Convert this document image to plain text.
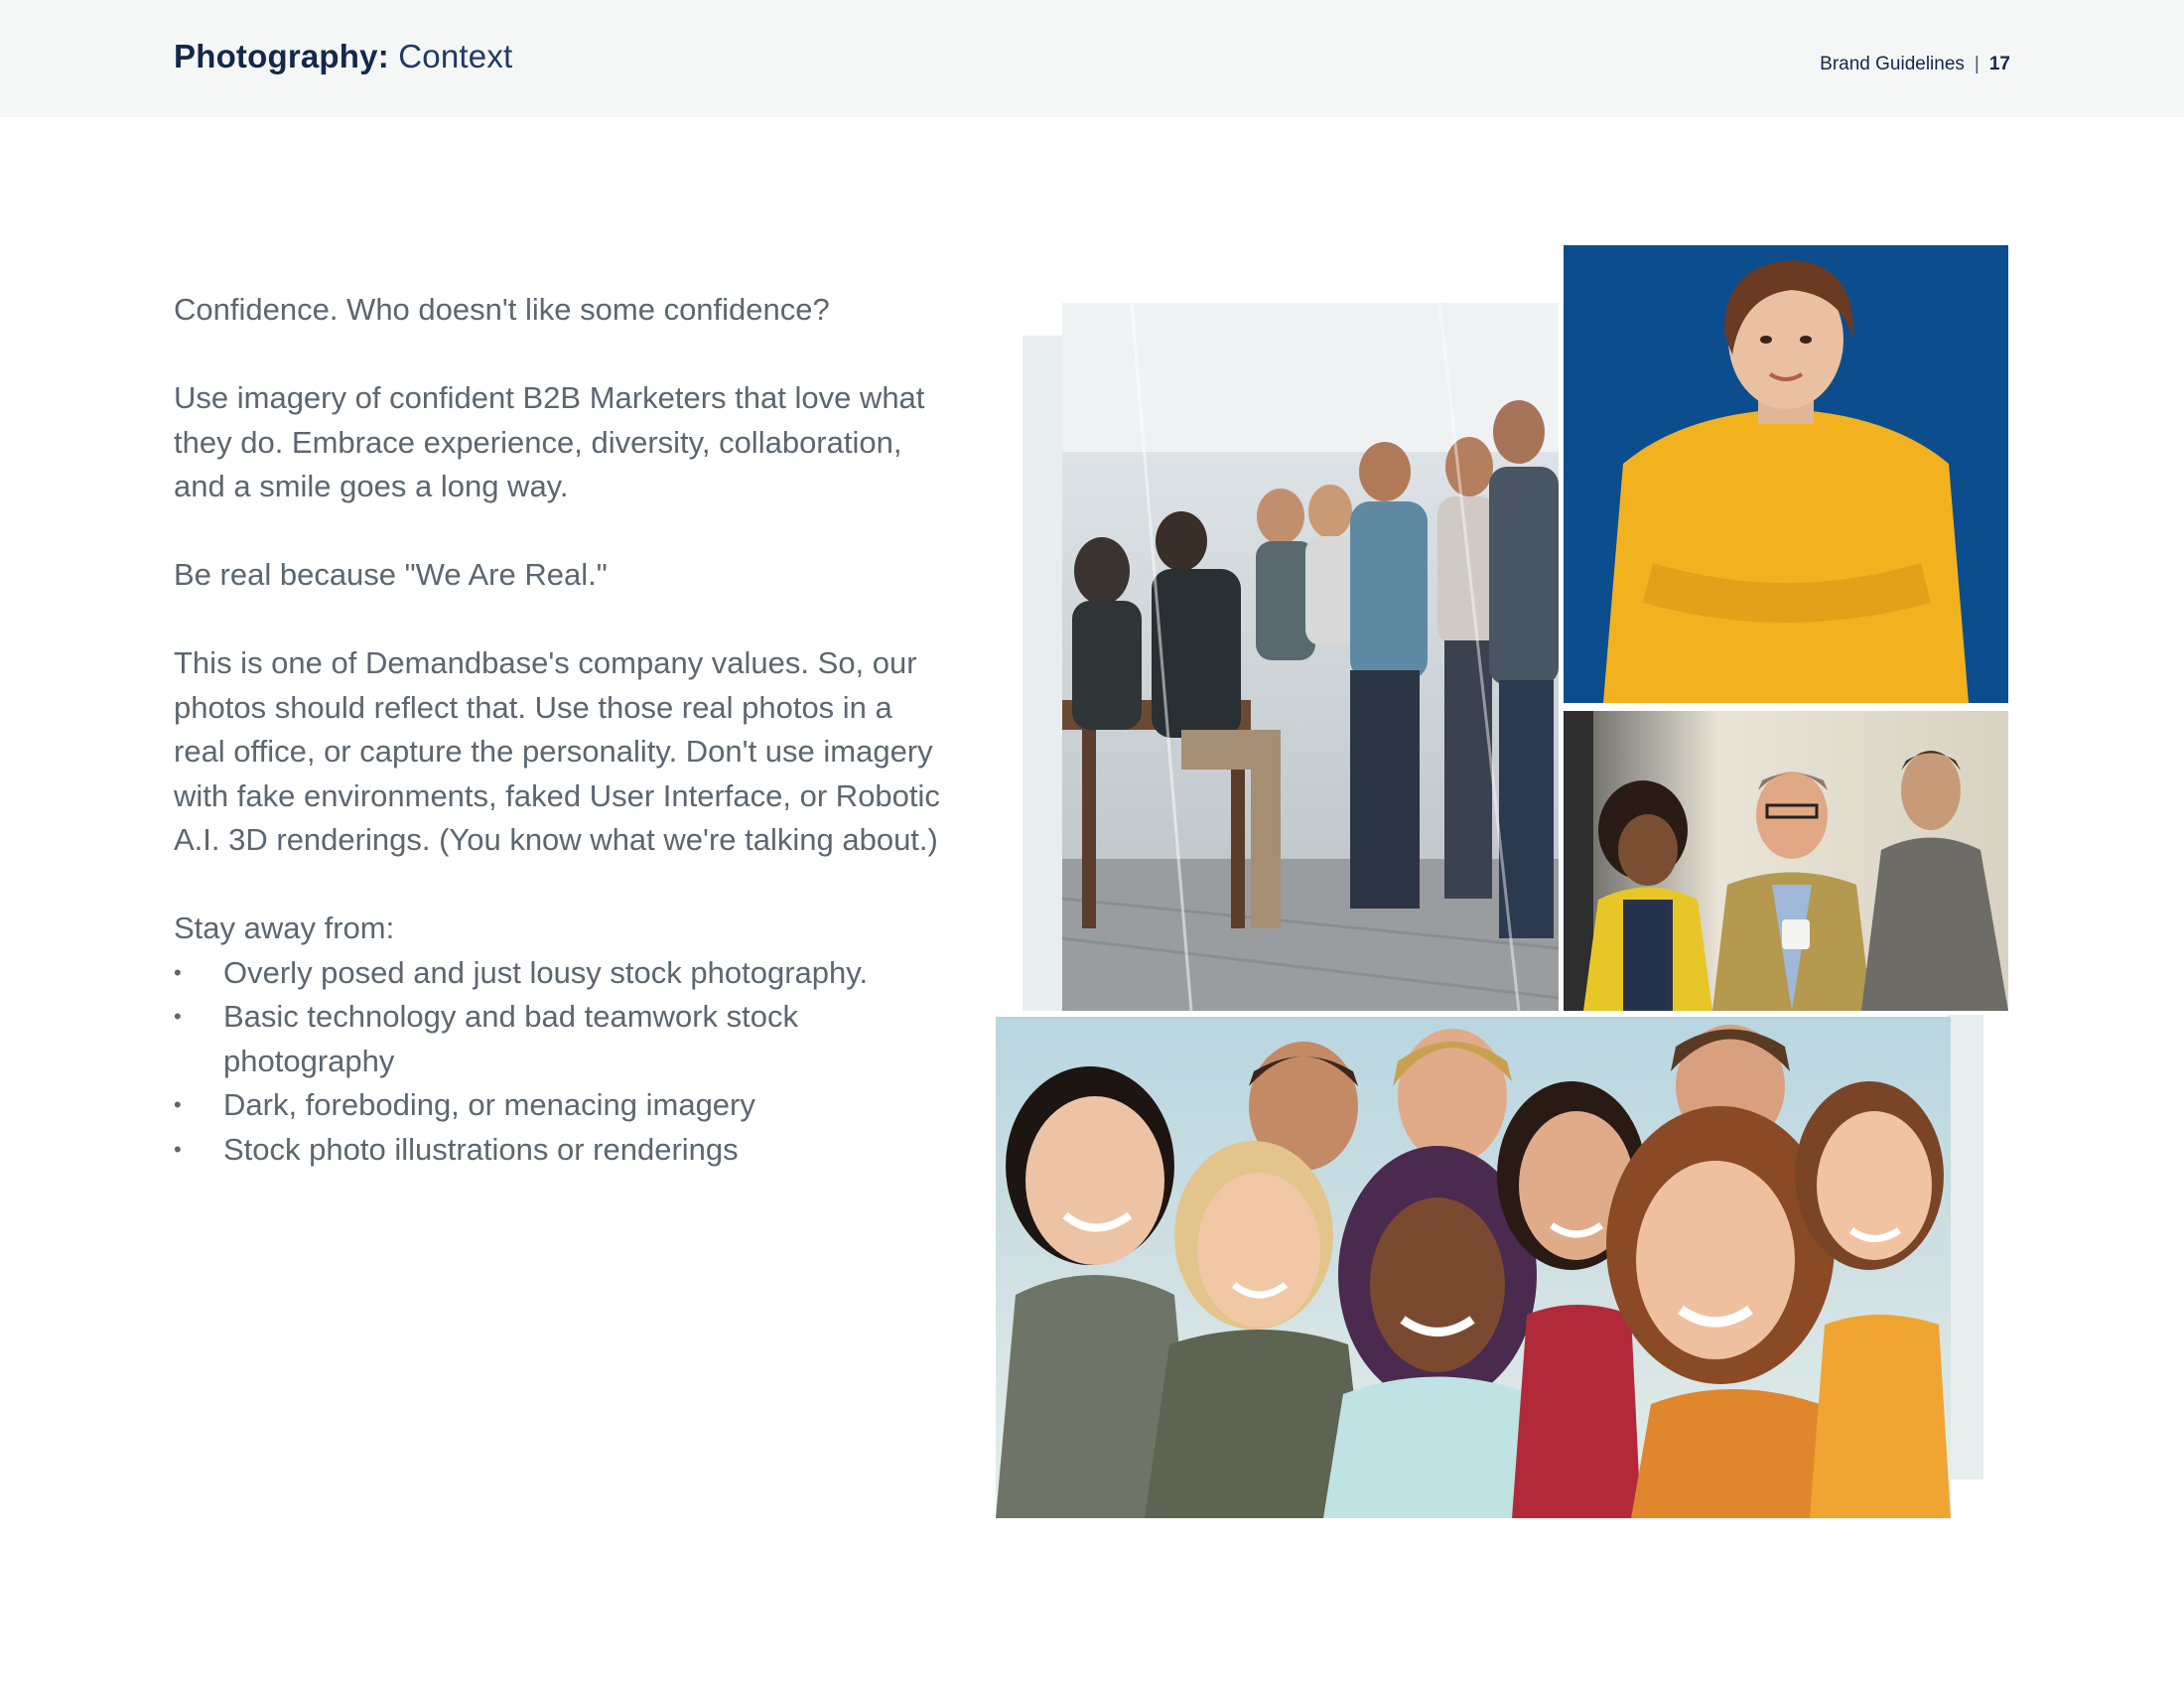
Photography: Context	Brand Guidelines | 17

Confidence. Who doesn't like some confidence?

Use imagery of confident B2B Marketers that love what they do. Embrace experience, diversity, collaboration, and a smile goes a long way.

Be real because "We Are Real."

This is one of Demandbase's company values. So, our photos should reflect that. Use those real photos in a real office, or capture the personality. Don't use imagery with fake environments, faked User Interface, or Robotic A.I. 3D renderings. (You know what we're talking about.)

Stay away from:

• Overly posed and just lousy stock photography.
• Basic technology and bad teamwork stock photography
• Dark, foreboding, or menacing imagery
• Stock photo illustrations or renderings
